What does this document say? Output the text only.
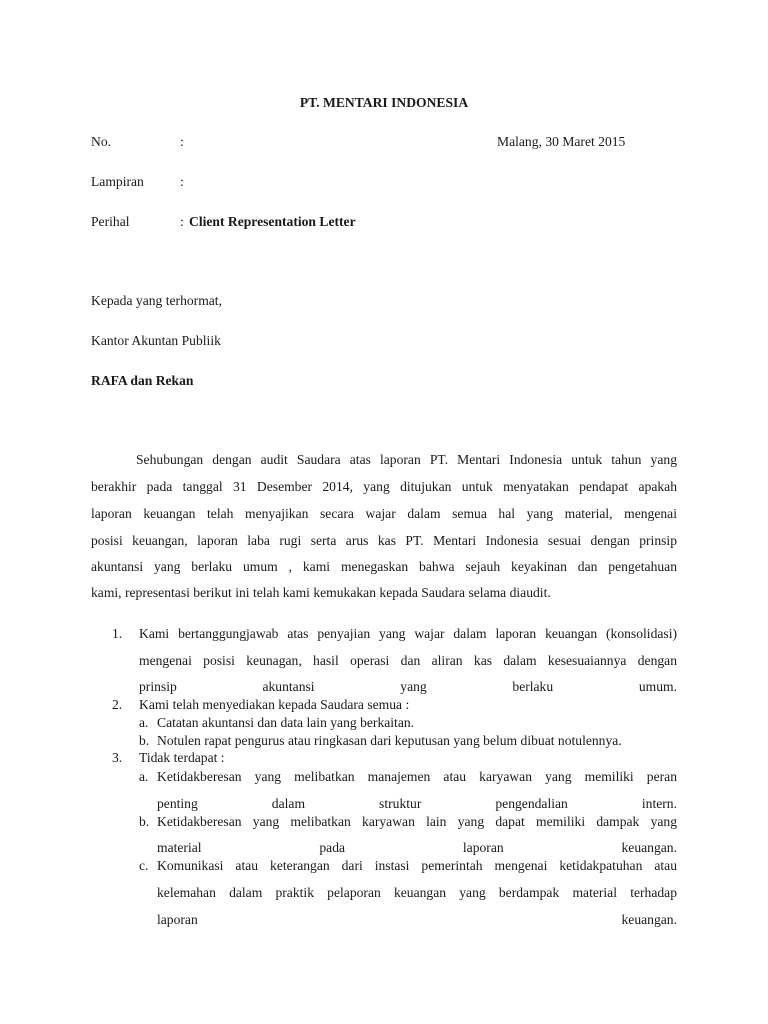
PT. MENTARI INDONESIA
No.	:	Malang, 30 Maret 2015
Lampiran	:
Perihal	: Client Representation Letter
Kepada yang terhormat,
Kantor Akuntan Publiik
RAFA dan Rekan
Sehubungan dengan audit Saudara atas laporan PT. Mentari Indonesia untuk tahun yang
berakhir pada tanggal 31 Desember 2014, yang ditujukan untuk menyatakan pendapat apakah
laporan keuangan telah menyajikan secara wajar dalam semua hal yang material, mengenai
posisi keuangan, laporan laba rugi serta arus kas PT. Mentari Indonesia sesuai dengan prinsip
akuntansi yang berlaku umum , kami menegaskan bahwa sejauh keyakinan dan pengetahuan
kami, representasi berikut ini telah kami kemukakan kepada Saudara selama diaudit.
1. Kami bertanggungjawab atas penyajian yang wajar dalam laporan keuangan (konsolidasi)
mengenai posisi keunagan, hasil operasi dan aliran kas dalam kesesuaiannya dengan
prinsip akuntansi yang berlaku umum.
2. Kami telah menyediakan kepada Saudara semua :
a. Catatan akuntansi dan data lain yang berkaitan.
b. Notulen rapat pengurus atau ringkasan dari keputusan yang belum dibuat notulennya.
3. Tidak terdapat :
a. Ketidakberesan yang melibatkan manajemen atau karyawan yang memiliki peran
penting dalam struktur pengendalian intern.
b. Ketidakberesan yang melibatkan karyawan lain yang dapat memiliki dampak yang
material pada laporan keuangan.
c. Komunikasi atau keterangan dari instasi pemerintah mengenai ketidakpatuhan atau
kelemahan dalam praktik pelaporan keuangan yang berdampak material terhadap
laporan keuangan.
